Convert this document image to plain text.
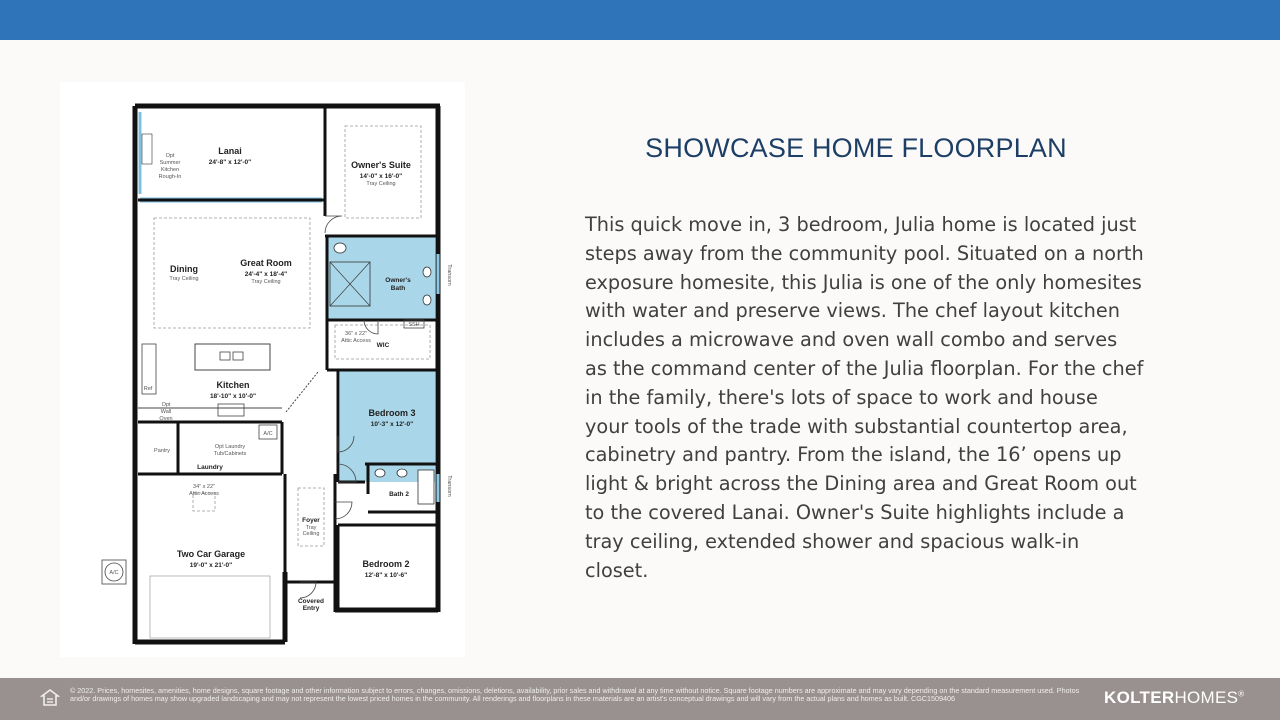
Lanai
24'-8" x 12'-0"
Opt
Summer
Kitchen
Rough-In
Owner's Suite
14'-0" x 16'-0"
Tray Ceiling
Dining
Tray Ceiling
Great Room
24'-4" x 18'-4"
Tray Ceiling	Owner's
Bath
Transom
SSH
36" x 22"
Attic Access
WIC
Kitchen
18'-10" x 10'-0"
Ref
Opt
Wall
Oven
Bedroom 3
10'-3" x 12'-0"
A/C
Pantry
Opt Laundry
Tub/Cabinets
Laundry
Bath 2	Transom
34" x 22"
Attic Access
Foyer
Tray
Ceiling
Two Car Garage
19'-0" x 21'-0"
A/C
Bedroom 2
12'-8" x 10'-6"
Covered
Entry
SHOWCASE HOME FLOORPLAN
This quick move in, 3 bedroom, Julia home is located just steps away from the community pool. Situated on a north exposure homesite, this Julia is one of the only homesites with water and preserve views. The chef layout kitchen includes a microwave and oven wall combo and serves as the command center of the Julia floorplan. For the chef in the family, there's lots of space to work and house your tools of the trade with substantial countertop area, cabinetry and pantry. From the island, the 16’ opens up light & bright across the Dining area and Great Room out to the covered Lanai. Owner's Suite highlights include a tray ceiling, extended shower and spacious walk-in closet.
© 2022. Prices, homesites, amenities, home designs, square footage and other information subject to errors, changes, omissions, deletions, availability, prior sales and withdrawal at any time without notice. Square footage numbers are approximate and may vary depending on the standard measurement used. Photos and/or drawings of homes may show upgraded landscaping and may not represent the lowest priced homes in the community. All renderings and floorplans in these materials are an artist's conceptual drawings and will vary from the actual plans and homes as built. CGC1509406	KOLTERHOMES®
